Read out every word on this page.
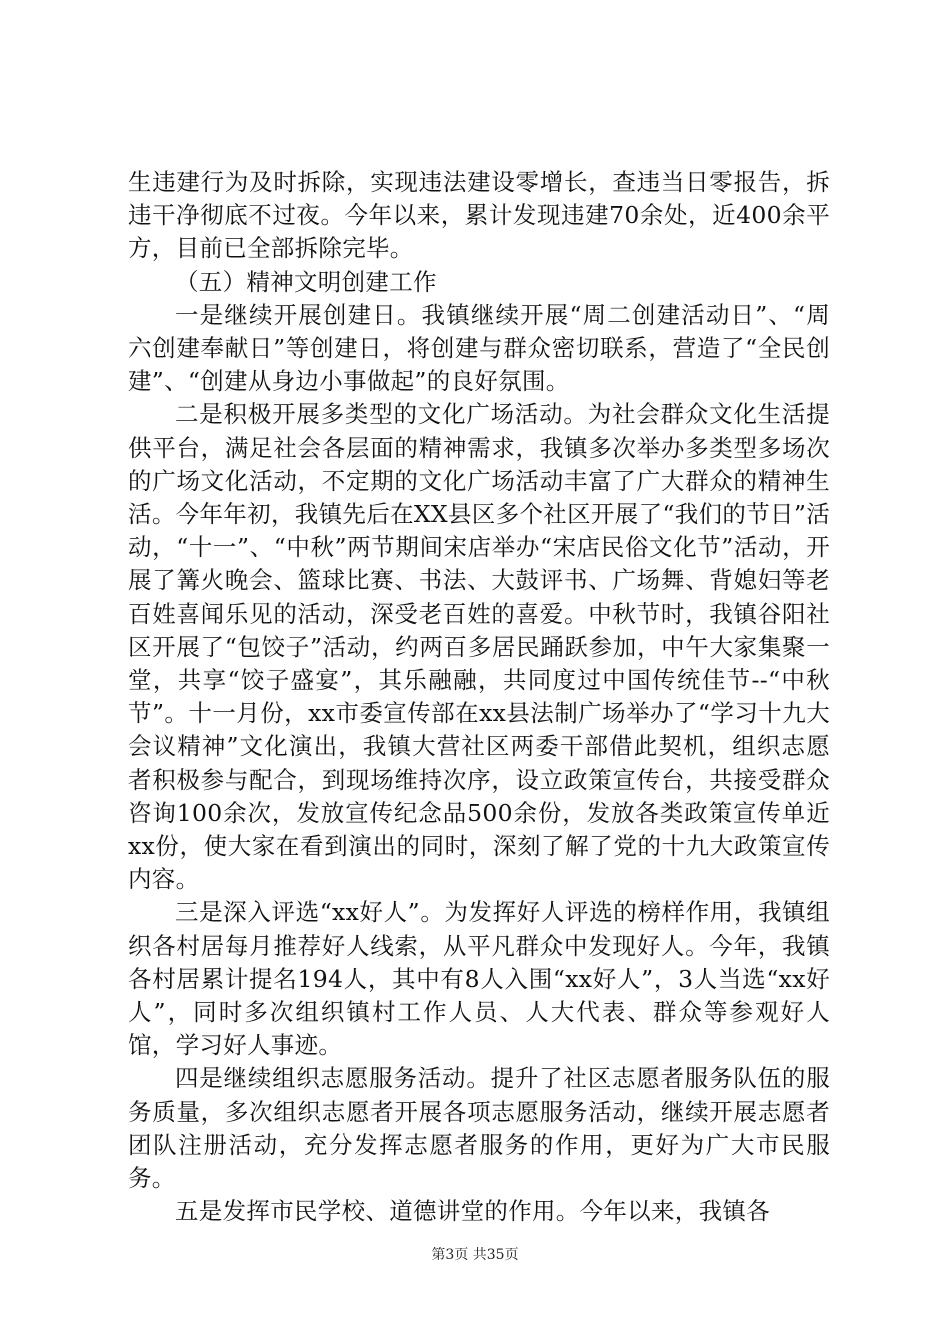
生违建行为及时拆除，实现违法建设零增长，查违当日零报告，拆违干净彻底不过夜。今年以来，累计发现违建70余处，近400余平方，目前已全部拆除完毕。

（五）精神文明创建工作

一是继续开展创建日。我镇继续开展“周二创建活动日”、“周六创建奉献日”等创建日，将创建与群众密切联系，营造了“全民创建”、“创建从身边小事做起”的良好氛围。

二是积极开展多类型的文化广场活动。为社会群众文化生活提供平台，满足社会各层面的精神需求，我镇多次举办多类型多场次的广场文化活动，不定期的文化广场活动丰富了广大群众的精神生活。今年年初，我镇先后在XX县区多个社区开展了“我们的节日”活动，“十一”、“中秋”两节期间宋店举办“宋店民俗文化节”活动，开展了篝火晚会、篮球比赛、书法、大鼓评书、广场舞、背媳妇等老百姓喜闻乐见的活动，深受老百姓的喜爱。中秋节时，我镇谷阳社区开展了“包饺子”活动，约两百多居民踊跃参加，中午大家集聚一堂，共享“饺子盛宴”，其乐融融，共同度过中国传统佳节--“中秋节”。十一月份，xx市委宣传部在xx县法制广场举办了“学习十九大会议精神”文化演出，我镇大营社区两委干部借此契机，组织志愿者积极参与配合，到现场维持次序，设立政策宣传台，共接受群众咨询100余次，发放宣传纪念品500余份，发放各类政策宣传单近xx份，使大家在看到演出的同时，深刻了解了党的十九大政策宣传内容。

三是深入评选“xx好人”。为发挥好人评选的榜样作用，我镇组织各村居每月推荐好人线索，从平凡群众中发现好人。今年，我镇各村居累计提名194人，其中有8人入围“xx好人”，3人当选“xx好人”，同时多次组织镇村工作人员、人大代表、群众等参观好人馆，学习好人事迹。

四是继续组织志愿服务活动。提升了社区志愿者服务队伍的服务质量，多次组织志愿者开展各项志愿服务活动，继续开展志愿者团队注册活动，充分发挥志愿者服务的作用，更好为广大市民服务。

五是发挥市民学校、道德讲堂的作用。今年以来，我镇各

第3页 共35页
